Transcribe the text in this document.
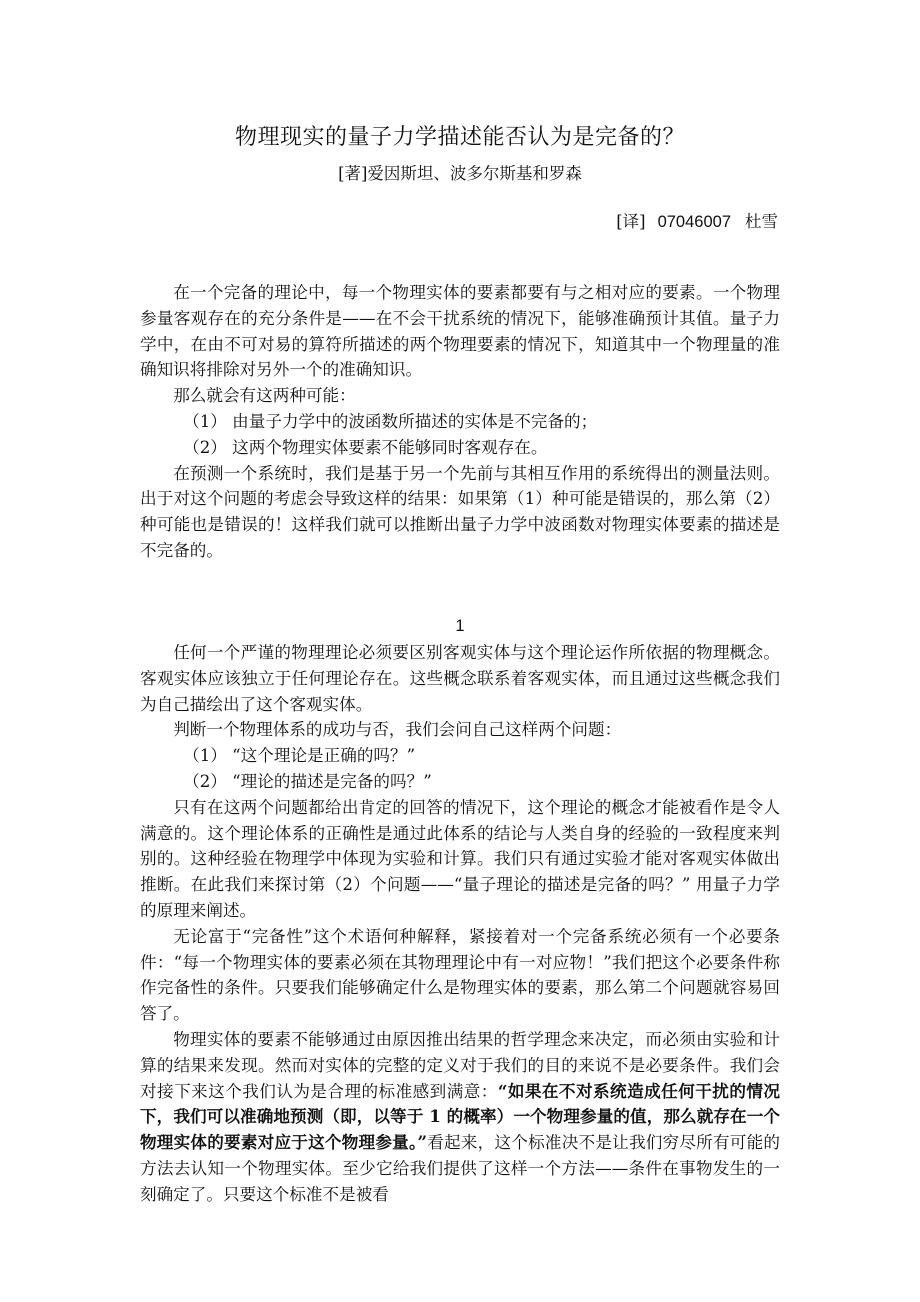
物理现实的量子力学描述能否认为是完备的？
[著]爱因斯坦、波多尔斯基和罗森
[译] 07046007 杜雪

在一个完备的理论中，每一个物理实体的要素都要有与之相对应的要素。一个物理参量客观存在的充分条件是——在不会干扰系统的情况下，能够准确预计其值。量子力学中，在由不可对易的算符所描述的两个物理要素的情况下，知道其中一个物理量的准确知识将排除对另外一个的准确知识。

那么就会有这两种可能：

（1） 由量子力学中的波函数所描述的实体是不完备的；

（2） 这两个物理实体要素不能够同时客观存在。

在预测一个系统时，我们是基于另一个先前与其相互作用的系统得出的测量法则。出于对这个问题的考虑会导致这样的结果：如果第（1）种可能是错误的，那么第（2）种可能也是错误的！这样我们就可以推断出量子力学中波函数对物理实体要素的描述是不完备的。

1

任何一个严谨的物理理论必须要区别客观实体与这个理论运作所依据的物理概念。客观实体应该独立于任何理论存在。这些概念联系着客观实体，而且通过这些概念我们为自己描绘出了这个客观实体。

判断一个物理体系的成功与否，我们会问自己这样两个问题：

（1） “这个理论是正确的吗？”

（2） “理论的描述是完备的吗？”

只有在这两个问题都给出肯定的回答的情况下，这个理论的概念才能被看作是令人满意的。这个理论体系的正确性是通过此体系的结论与人类自身的经验的一致程度来判别的。这种经验在物理学中体现为实验和计算。我们只有通过实验才能对客观实体做出推断。在此我们来探讨第（2）个问题——“量子理论的描述是完备的吗？” 用量子力学的原理来阐述。

无论富于“完备性”这个术语何种解释，紧接着对一个完备系统必须有一个必要条件：“每一个物理实体的要素必须在其物理理论中有一对应物！”我们把这个必要条件称作完备性的条件。只要我们能够确定什么是物理实体的要素，那么第二个问题就容易回答了。

物理实体的要素不能够通过由原因推出结果的哲学理念来决定，而必须由实验和计算的结果来发现。然而对实体的完整的定义对于我们的目的来说不是必要条件。我们会对接下来这个我们认为是合理的标准感到满意：“如果在不对系统造成任何干扰的情况下，我们可以准确地预测（即，以等于 1 的概率）一个物理参量的值，那么就存在一个物理实体的要素对应于这个物理参量。”看起来，这个标准决不是让我们穷尽所有可能的方法去认知一个物理实体。至少它给我们提供了这样一个方法——条件在事物发生的一刻确定了。只要这个标准不是被看
